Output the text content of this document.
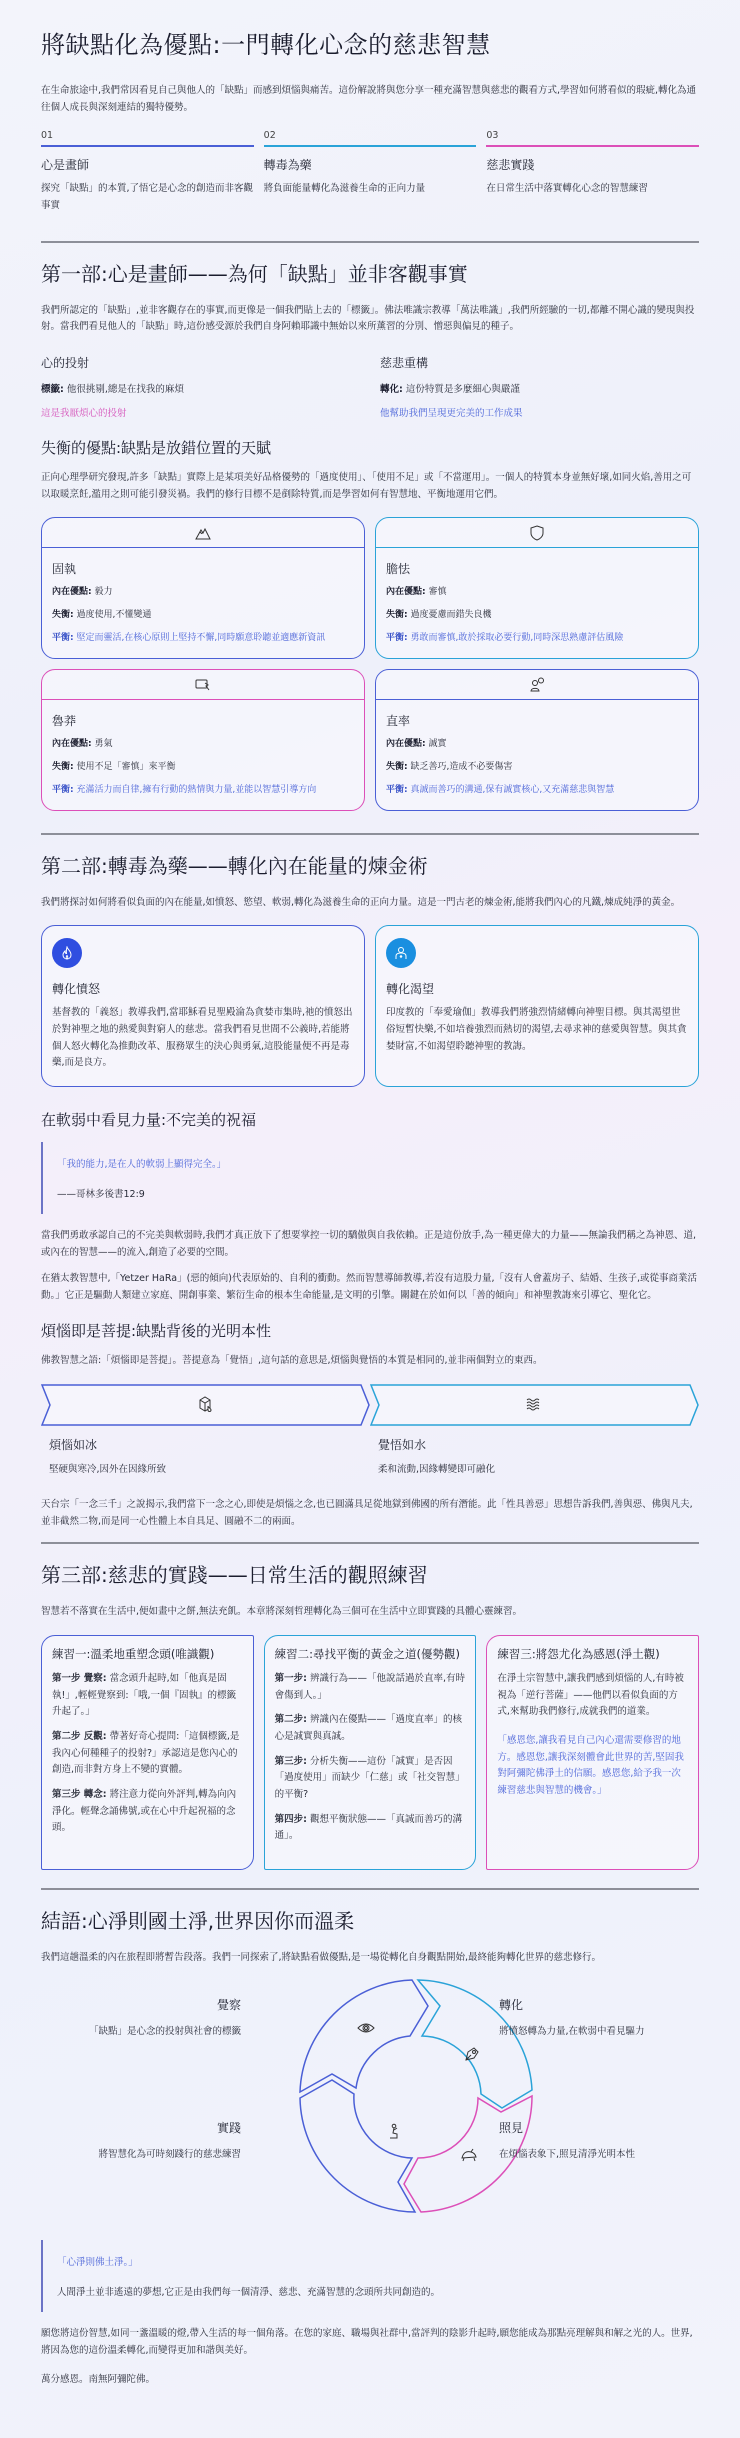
將缺點化為優點:一門轉化心念的慈悲智慧

在生命旅途中,我們常因看見自己與他人的「缺點」而感到煩惱與痛苦。這份解說將與您分享一種充滿智慧與慈悲的觀看方式,學習如何將看似的瑕疵,轉化為通往個人成長與深刻連結的獨特優勢。

01
心是畫師
探究「缺點」的本質,了悟它是心念的創造而非客觀事實
02
轉毒為藥
將負面能量轉化為滋養生命的正向力量
03
慈悲實踐
在日常生活中落實轉化心念的智慧練習
第一部:心是畫師——為何「缺點」並非客觀事實

我們所認定的「缺點」,並非客觀存在的事實,而更像是一個我們貼上去的「標籤」。佛法唯識宗教導「萬法唯識」,我們所經驗的一切,都離不開心識的變現與投射。當我們看見他人的「缺點」時,這份感受源於我們自身阿賴耶識中無始以來所薰習的分別、憎惡與偏見的種子。

心的投射
標籤: 他很挑剔,總是在找我的麻煩
這是我厭煩心的投射
慈悲重構
轉化: 這份特質是多麼細心與嚴謹
他幫助我們呈現更完美的工作成果
失衡的優點:缺點是放錯位置的天賦

正向心理學研究發現,許多「缺點」實際上是某項美好品格優勢的「過度使用」、「使用不足」或「不當運用」。一個人的特質本身並無好壞,如同火焰,善用之可以取暖烹飪,濫用之則可能引發災禍。我們的修行目標不是剷除特質,而是學習如何有智慧地、平衡地運用它們。

固執
內在優點: 毅力
失衡: 過度使用,不懂變通
平衡: 堅定而靈活,在核心原則上堅持不懈,同時願意聆聽並適應新資訊
膽怯
內在優點: 審慎
失衡: 過度憂慮而錯失良機
平衡: 勇敢而審慎,敢於採取必要行動,同時深思熟慮評估風險
魯莽
內在優點: 勇氣
失衡: 使用不足「審慎」來平衡
平衡: 充滿活力而自律,擁有行動的熱情與力量,並能以智慧引導方向
直率
內在優點: 誠實
失衡: 缺乏善巧,造成不必要傷害
平衡: 真誠而善巧的溝通,保有誠實核心,又充滿慈悲與智慧
第二部:轉毒為藥——轉化內在能量的煉金術

我們將探討如何將看似負面的內在能量,如憤怒、慾望、軟弱,轉化為滋養生命的正向力量。這是一門古老的煉金術,能將我們內心的凡鐵,煉成純淨的黃金。

轉化憤怒
基督教的「義怒」教導我們,當耶穌看見聖殿淪為貪婪市集時,祂的憤怒出於對神聖之地的熱愛與對窮人的慈悲。當我們看見世間不公義時,若能將個人怒火轉化為推動改革、服務眾生的決心與勇氣,這股能量便不再是毒藥,而是良方。
轉化渴望
印度教的「奉愛瑜伽」教導我們將強烈情緒轉向神聖目標。與其渴望世俗短暫快樂,不如培養強烈而熱切的渴望,去尋求神的慈愛與智慧。與其貪婪財富,不如渴望聆聽神聖的教誨。
在軟弱中看見力量:不完美的祝福
「我的能力,是在人的軟弱上顯得完全。」
——哥林多後書12:9

當我們勇敢承認自己的不完美與軟弱時,我們才真正放下了想要掌控一切的驕傲與自我依賴。正是這份放手,為一種更偉大的力量——無論我們稱之為神恩、道,或內在的智慧——的流入,創造了必要的空間。

在猶太教智慧中,「Yetzer HaRa」(惡的傾向)代表原始的、自利的衝動。然而智慧導師教導,若沒有這股力量,「沒有人會蓋房子、結婚、生孩子,或從事商業活動。」它正是驅動人類建立家庭、開創事業、繁衍生命的根本生命能量,是文明的引擎。關鍵在於如何以「善的傾向」和神聖教誨來引導它、聖化它。

煩惱即是菩提:缺點背後的光明本性

佛教智慧之語:「煩惱即是菩提」。菩提意為「覺悟」,這句話的意思是,煩惱與覺悟的本質是相同的,並非兩個對立的東西。

煩惱如冰
堅硬與寒冷,因外在因緣所致
覺悟如水
柔和流動,因緣轉變即可融化

天台宗「一念三千」之說揭示,我們當下一念之心,即使是煩惱之念,也已圓滿具足從地獄到佛國的所有潛能。此「性具善惡」思想告訴我們,善與惡、佛與凡夫,並非截然二物,而是同一心性體上本自具足、圓融不二的兩面。

第三部:慈悲的實踐——日常生活的觀照練習

智慧若不落實在生活中,便如畫中之餅,無法充飢。本章將深刻哲理轉化為三個可在生活中立即實踐的具體心靈練習。

練習一:溫柔地重塑念頭(唯識觀)
第一步 覺察: 當念頭升起時,如「他真是固執!」,輕輕覺察到:「哦,一個『固執』的標籤升起了。」
第二步 反觀: 帶著好奇心提問:「這個標籤,是我內心何種種子的投射?」承認這是您內心的創造,而非對方身上不變的實體。
第三步 轉念: 將注意力從向外評判,轉為向內淨化。輕聲念誦佛號,或在心中升起祝福的念頭。
練習二:尋找平衡的黃金之道(優勢觀)
第一步: 辨識行為——「他說話過於直率,有時會傷到人。」
第二步: 辨識內在優點——「過度直率」的核心是誠實與真誠。
第三步: 分析失衡——這份「誠實」是否因「過度使用」而缺少「仁慈」或「社交智慧」的平衡?
第四步: 觀想平衡狀態——「真誠而善巧的溝通」。
練習三:將怨尤化為感恩(淨土觀)
在淨土宗智慧中,讓我們感到煩惱的人,有時被視為「逆行菩薩」——他們以看似負面的方式,來幫助我們修行,成就我們的道業。
「感恩您,讓我看見自己內心還需要修習的地方。感恩您,讓我深刻體會此世界的苦,堅固我對阿彌陀佛淨土的信願。感恩您,給予我一次練習慈悲與智慧的機會。」
結語:心淨則國土淨,世界因你而溫柔

我們這趟溫柔的內在旅程即將暫告段落。我們一同探索了,將缺點看做優點,是一場從轉化自身觀點開始,最終能夠轉化世界的慈悲修行。

覺察
「缺點」是心念的投射與社會的標籤
轉化
將憤怒轉為力量,在軟弱中看見驅力
照見
在煩惱表象下,照見清淨光明本性
實踐
將智慧化為可時刻踐行的慈悲練習
「心淨則佛土淨。」
人間淨土並非遙遠的夢想,它正是由我們每一個清淨、慈悲、充滿智慧的念頭所共同創造的。

願您將這份智慧,如同一盞溫暖的燈,帶入生活的每一個角落。在您的家庭、職場與社群中,當評判的陰影升起時,願您能成為那點亮理解與和解之光的人。世界,將因為您的這份溫柔轉化,而變得更加和諧與美好。

萬分感恩。南無阿彌陀佛。
